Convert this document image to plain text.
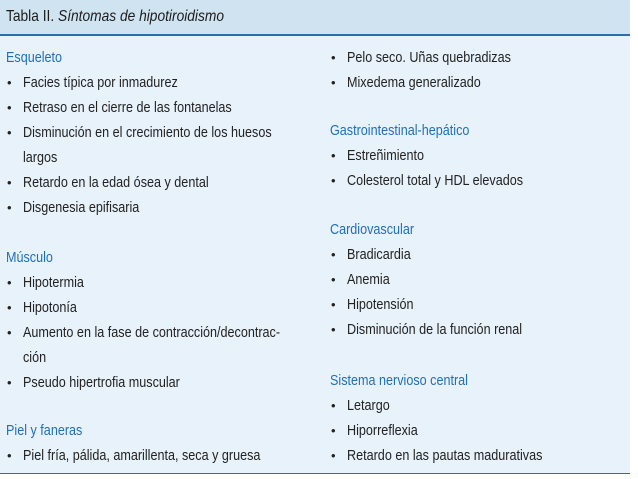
Tabla II. Síntomas de hipotiroidismo
Esqueleto
• Facies típica por inmadurez
• Retraso en el cierre de las fontanelas
• Disminución en el crecimiento de los huesos
largos
• Retardo en la edad ósea y dental
• Disgenesia epifisaria
Músculo
• Hipotermia
• Hipotonía
• Aumento en la fase de contracción/decontrac-
ción
• Pseudo hipertrofia muscular
Piel y faneras
• Piel fría, pálida, amarillenta, seca y gruesa
• Pelo seco. Uñas quebradizas
• Mixedema generalizado
Gastrointestinal-hepático
• Estreñimiento
• Colesterol total y HDL elevados
Cardiovascular
• Bradicardia
• Anemia
• Hipotensión
• Disminución de la función renal
Sistema nervioso central
• Letargo
• Hiporreflexia
• Retardo en las pautas madurativas
